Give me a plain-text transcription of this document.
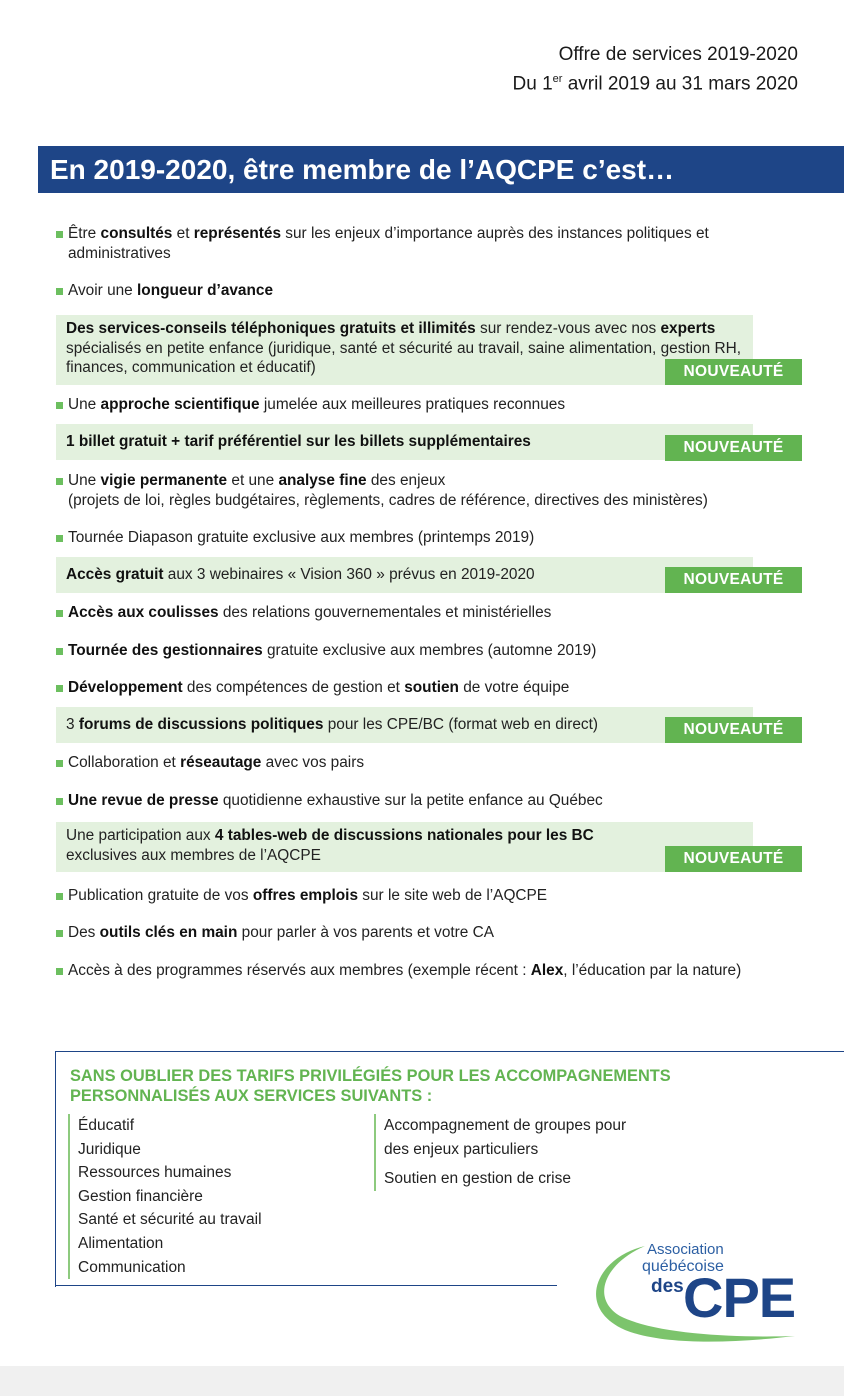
Offre de services 2019-2020
Du 1er avril 2019 au 31 mars 2020
En 2019-2020, être membre de l’AQCPE c’est…
Être consultés et représentés sur les enjeux d’importance auprès des instances politiques et administratives
Avoir une longueur d’avance
Des services-conseils téléphoniques gratuits et illimités sur rendez-vous avec nos experts spécialisés en petite enfance (juridique, santé et sécurité au travail, saine alimentation, gestion RH, finances, communication et éducatif)	NOUVEAUTÉ
Une approche scientifique jumelée aux meilleures pratiques reconnues
1 billet gratuit + tarif préférentiel sur les billets supplémentaires	NOUVEAUTÉ
Une vigie permanente et une analyse fine des enjeux
(projets de loi, règles budgétaires, règlements, cadres de référence, directives des ministères)
Tournée Diapason gratuite exclusive aux membres (printemps 2019)
Accès gratuit aux 3 webinaires « Vision 360 » prévus en 2019-2020	NOUVEAUTÉ
Accès aux coulisses des relations gouvernementales et ministérielles
Tournée des gestionnaires gratuite exclusive aux membres (automne 2019)
Développement des compétences de gestion et soutien de votre équipe
3 forums de discussions politiques pour les CPE/BC (format web en direct)	NOUVEAUTÉ
Collaboration et réseautage avec vos pairs
Une revue de presse quotidienne exhaustive sur la petite enfance au Québec
Une participation aux 4 tables-web de discussions nationales pour les BC
exclusives aux membres de l’AQCPE	NOUVEAUTÉ
Publication gratuite de vos offres emplois sur le site web de l’AQCPE
Des outils clés en main pour parler à vos parents et votre CA
Accès à des programmes réservés aux membres (exemple récent : Alex, l’éducation par la nature)
SANS OUBLIER DES TARIFS PRIVILÉGIÉS POUR LES ACCOMPAGNEMENTS PERSONNALISÉS AUX SERVICES SUIVANTS :
Éducatif
Juridique
Ressources humaines
Gestion financière
Santé et sécurité au travail
Alimentation
Communication
Accompagnement de groupes pour
des enjeux particuliers
Soutien en gestion de crise
Association
québécoise
des CPE
